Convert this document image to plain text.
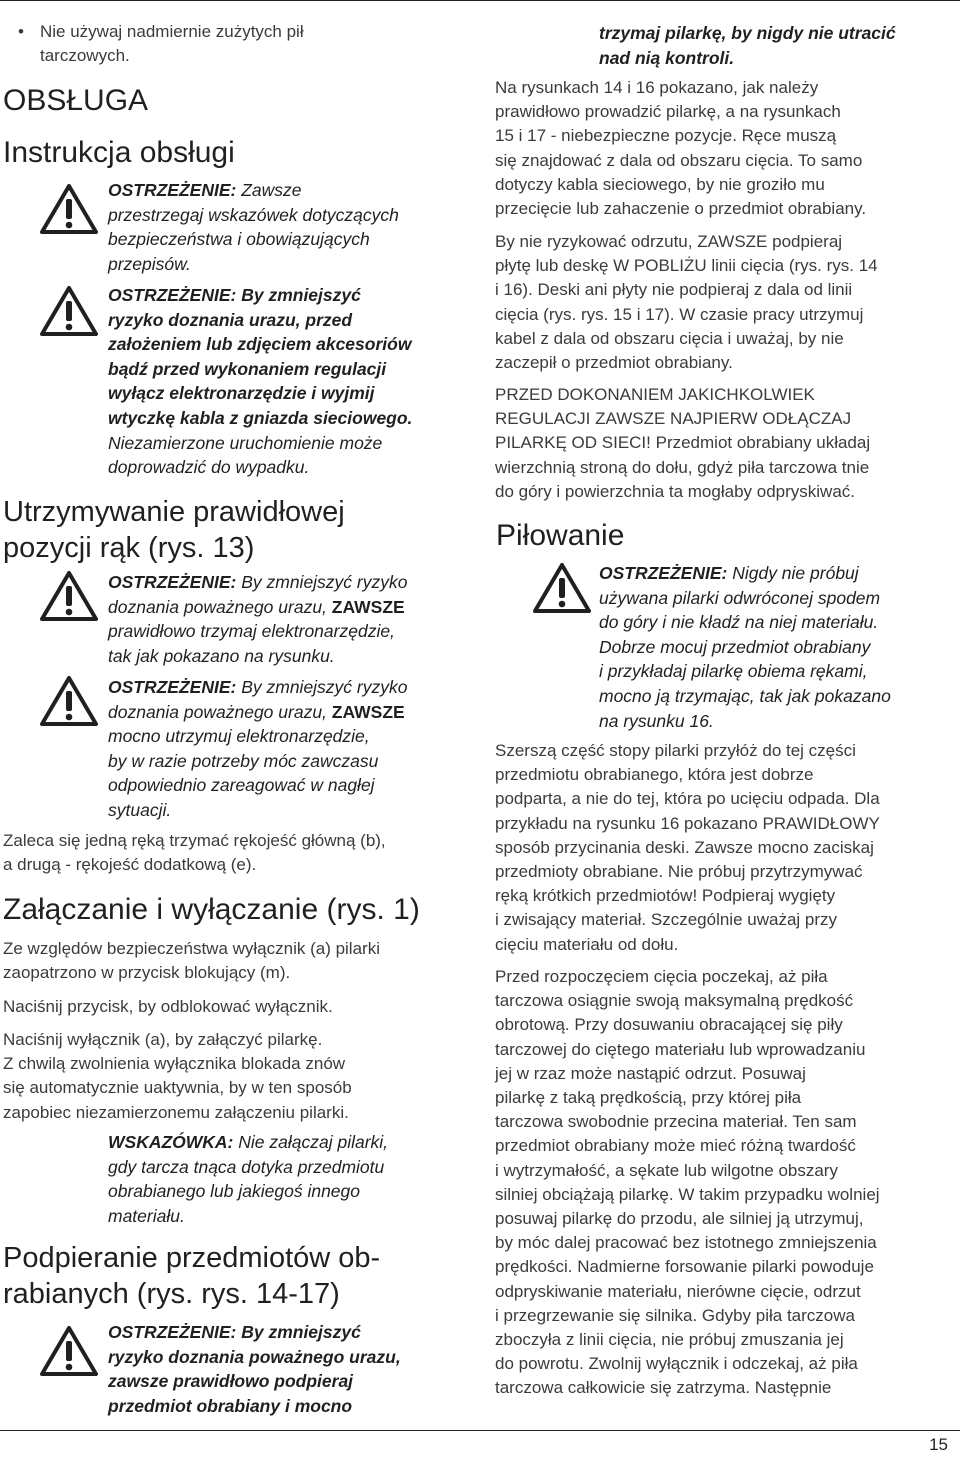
• Nie używaj nadmiernie zużytych pił
tarczowych.
OBSŁUGA
Instrukcja obsługi

OSTRZEŻENIE: Zawsze
przestrzegaj wskazówek dotyczących
bezpieczeństwa i obowiązujących
przepisów.

OSTRZEŻENIE: By zmniejszyć
ryzyko doznania urazu, przed
założeniem lub zdjęciem akcesoriów
bądź przed wykonaniem regulacji
wyłącz elektronarzędzie i wyjmij
wtyczkę kabla z gniazda sieciowego.
Niezamierzone uruchomienie może
doprowadzić do wypadku.

Utrzymywanie prawidłowej
pozycji rąk (rys. 13)

OSTRZEŻENIE: By zmniejszyć ryzyko
doznania poważnego urazu, ZAWSZE
prawidłowo trzymaj elektronarzędzie,
tak jak pokazano na rysunku.

OSTRZEŻENIE: By zmniejszyć ryzyko
doznania poważnego urazu, ZAWSZE
mocno utrzymuj elektronarzędzie,
by w razie potrzeby móc zawczasu
odpowiednio zareagować w nagłej
sytuacji.

Zaleca się jedną ręką trzymać rękojeść główną (b),
a drugą - rękojeść dodatkową (e).

Załączanie i wyłączanie (rys. 1)

Ze względów bezpieczeństwa wyłącznik (a) pilarki
zaopatrzono w przycisk blokujący (m).

Naciśnij przycisk, by odblokować wyłącznik.

Naciśnij wyłącznik (a), by załączyć pilarkę.
Z chwilą zwolnienia wyłącznika blokada znów
się automatycznie uaktywnia, by w ten sposób
zapobiec niezamierzonemu załączeniu pilarki.

WSKAZÓWKA: Nie załączaj pilarki,
gdy tarcza tnąca dotyka przedmiotu
obrabianego lub jakiegoś innego
materiału.

Podpieranie przedmiotów ob-
rabianych (rys. rys. 14-17)

OSTRZEŻENIE: By zmniejszyć
ryzyko doznania poważnego urazu,
zawsze prawidłowo podpieraj
przedmiot obrabiany i mocno

trzymaj pilarkę, by nigdy nie utracić
nad nią kontroli.

Na rysunkach 14 i 16 pokazano, jak należy
prawidłowo prowadzić pilarkę, a na rysunkach
15 i 17 - niebezpieczne pozycje. Ręce muszą
się znajdować z dala od obszaru cięcia. To samo
dotyczy kabla sieciowego, by nie groziło mu
przecięcie lub zahaczenie o przedmiot obrabiany.

By nie ryzykować odrzutu, ZAWSZE podpieraj
płytę lub deskę W POBLIŻU linii cięcia (rys. rys. 14
i 16). Deski ani płyty nie podpieraj z dala od linii
cięcia (rys. rys. 15 i 17). W czasie pracy utrzymuj
kabel z dala od obszaru cięcia i uważaj, by nie
zaczepił o przedmiot obrabiany.

PRZED DOKONANIEM JAKICHKOLWIEK
REGULACJI ZAWSZE NAJPIERW ODŁĄCZAJ
PILARKĘ OD SIECI! Przedmiot obrabiany układaj
wierzchnią stroną do dołu, gdyż piła tarczowa tnie
do góry i powierzchnia ta mogłaby odpryskiwać.

Piłowanie

OSTRZEŻENIE: Nigdy nie próbuj
używana pilarki odwróconej spodem
do góry i nie kładź na niej materiału.
Dobrze mocuj przedmiot obrabiany
i przykładaj pilarkę obiema rękami,
mocno ją trzymając, tak jak pokazano
na rysunku 16.

Szerszą część stopy pilarki przyłóż do tej części
przedmiotu obrabianego, która jest dobrze
podparta, a nie do tej, która po ucięciu odpada. Dla
przykładu na rysunku 16 pokazano PRAWIDŁOWY
sposób przycinania deski. Zawsze mocno zaciskaj
przedmioty obrabiane. Nie próbuj przytrzymywać
ręką krótkich przedmiotów! Podpieraj wygięty
i zwisający materiał. Szczególnie uważaj przy
cięciu materiału od dołu.

Przed rozpoczęciem cięcia poczekaj, aż piła
tarczowa osiągnie swoją maksymalną prędkość
obrotową. Przy dosuwaniu obracającej się piły
tarczowej do ciętego materiału lub wprowadzaniu
jej w rzaz może nastąpić odrzut. Posuwaj
pilarkę z taką prędkością, przy której piła
tarczowa swobodnie przecina materiał. Ten sam
przedmiot obrabiany może mieć różną twardość
i wytrzymałość, a sękate lub wilgotne obszary
silniej obciążają pilarkę. W takim przypadku wolniej
posuwaj pilarkę do przodu, ale silniej ją utrzymuj,
by móc dalej pracować bez istotnego zmniejszenia
prędkości. Nadmierne forsowanie pilarki powoduje
odpryskiwanie materiału, nierówne cięcie, odrzut
i przegrzewanie się silnika. Gdyby piła tarczowa
zboczyła z linii cięcia, nie próbuj zmuszania jej
do powrotu. Zwolnij wyłącznik i odczekaj, aż piła
tarczowa całkowicie się zatrzyma. Następnie

15
